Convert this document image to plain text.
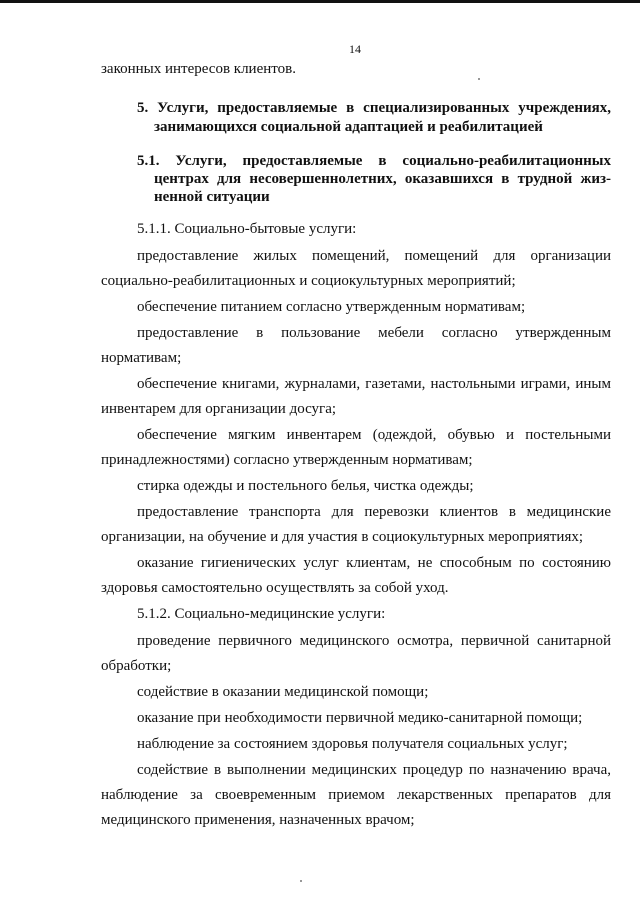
14
законных интересов клиентов.
5. Услуги, предоставляемые в специализированных учреждениях,
занимающихся социальной адаптацией и реабилитацией
5.1. Услуги, предоставляемые в социально-реабилитационных
центрах для несовершеннолетних, оказавшихся в трудной жиз-
ненной ситуации
5.1.1. Социально-бытовые услуги:
предоставление жилых помещений, помещений для организации
социально-реабилитационных и социокультурных мероприятий;
обеспечение питанием согласно утвержденным нормативам;
предоставление в пользование мебели согласно утвержденным
нормативам;
обеспечение книгами, журналами, газетами, настольными играми, иным
инвентарем для организации досуга;
обеспечение мягким инвентарем (одеждой, обувью и постельными
принадлежностями) согласно утвержденным нормативам;
стирка одежды и постельного белья, чистка одежды;
предоставление транспорта для перевозки клиентов в медицинские
организации, на обучение и для участия в социокультурных мероприятиях;
оказание гигиенических услуг клиентам, не способным по состоянию
здоровья самостоятельно осуществлять за собой уход.
5.1.2. Социально-медицинские услуги:
проведение первичного медицинского осмотра, первичной санитарной
обработки;
содействие в оказании медицинской помощи;
оказание при необходимости первичной медико-санитарной помощи;
наблюдение за состоянием здоровья получателя социальных услуг;
содействие в выполнении медицинских процедур по назначению врача,
наблюдение за своевременным приемом лекарственных препаратов для
медицинского применения, назначенных врачом;
